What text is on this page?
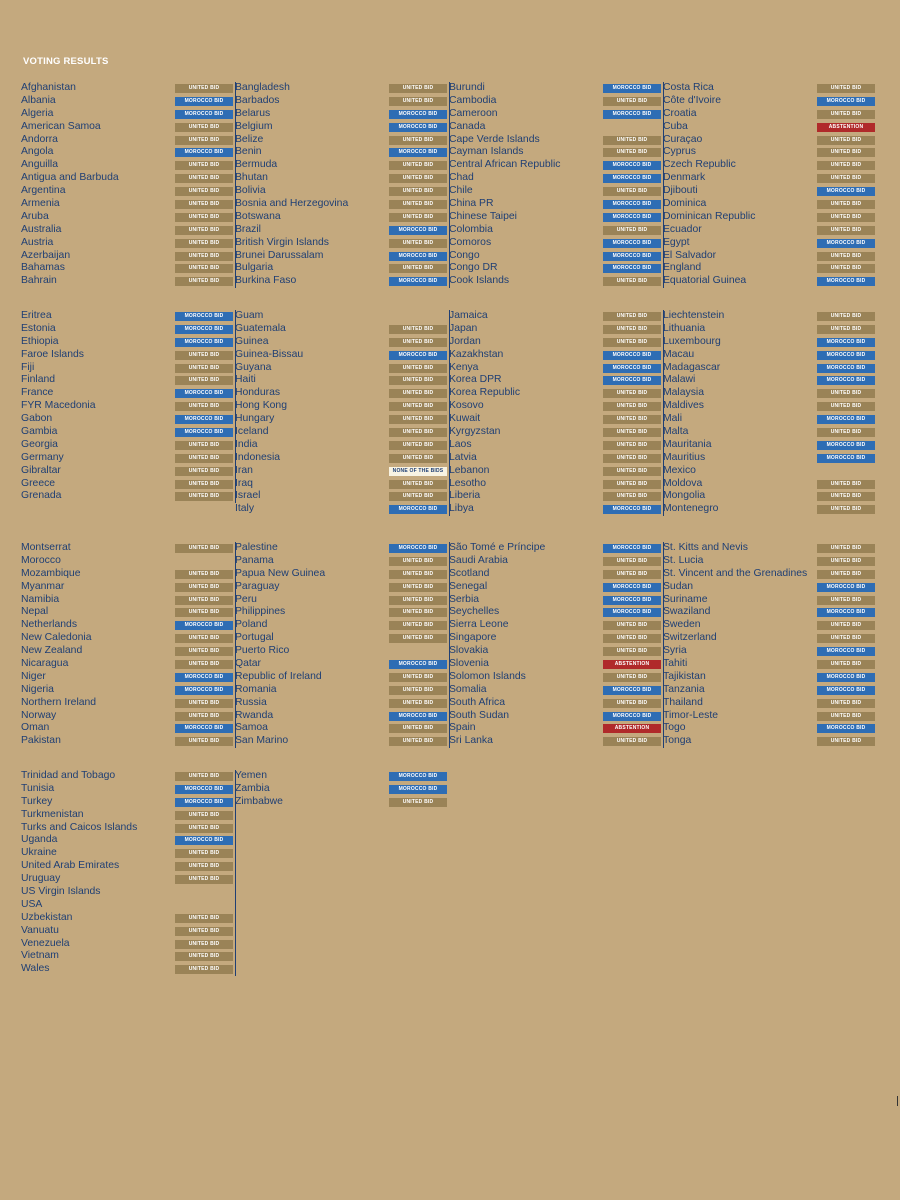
VOTING RESULTS
Afghanistan	UNITED BID
Albania	MOROCCO BID
Algeria	MOROCCO BID
American Samoa	UNITED BID
Andorra	UNITED BID
Angola	MOROCCO BID
Anguilla	UNITED BID
Antigua and Barbuda	UNITED BID
Argentina	UNITED BID
Armenia	UNITED BID
Aruba	UNITED BID
Australia	UNITED BID
Austria	UNITED BID
Azerbaijan	UNITED BID
Bahamas	UNITED BID
Bahrain	UNITED BID
Bangladesh	UNITED BID
Barbados	UNITED BID
Belarus	MOROCCO BID
Belgium	MOROCCO BID
Belize	UNITED BID
Benin	MOROCCO BID
Bermuda	UNITED BID
Bhutan	UNITED BID
Bolivia	UNITED BID
Bosnia and Herzegovina	UNITED BID
Botswana	UNITED BID
Brazil	MOROCCO BID
British Virgin Islands	UNITED BID
Brunei Darussalam	MOROCCO BID
Bulgaria	UNITED BID
Burkina Faso	MOROCCO BID
Burundi	MOROCCO BID
Cambodia	UNITED BID
Cameroon	MOROCCO BID
Canada
Cape Verde Islands	UNITED BID
Cayman Islands	UNITED BID
Central African Republic	MOROCCO BID
Chad	MOROCCO BID
Chile	UNITED BID
China PR	MOROCCO BID
Chinese Taipei	MOROCCO BID
Colombia	UNITED BID
Comoros	MOROCCO BID
Congo	MOROCCO BID
Congo DR	MOROCCO BID
Cook Islands	UNITED BID
Costa Rica	UNITED BID
Côte d'Ivoire	MOROCCO BID
Croatia	UNITED BID
Cuba	ABSTENTION
Curaçao	UNITED BID
Cyprus	UNITED BID
Czech Republic	UNITED BID
Denmark	UNITED BID
Djibouti	MOROCCO BID
Dominica	UNITED BID
Dominican Republic	UNITED BID
Ecuador	UNITED BID
Egypt	MOROCCO BID
El Salvador	UNITED BID
England	UNITED BID
Equatorial Guinea	MOROCCO BID
Eritrea	MOROCCO BID
Estonia	MOROCCO BID
Ethiopia	MOROCCO BID
Faroe Islands	UNITED BID
Fiji	UNITED BID
Finland	UNITED BID
France	MOROCCO BID
FYR Macedonia	UNITED BID
Gabon	MOROCCO BID
Gambia	MOROCCO BID
Georgia	UNITED BID
Germany	UNITED BID
Gibraltar	UNITED BID
Greece	UNITED BID
Grenada	UNITED BID
Guam
Guatemala	UNITED BID
Guinea	UNITED BID
Guinea-Bissau	MOROCCO BID
Guyana	UNITED BID
Haiti	UNITED BID
Honduras	UNITED BID
Hong Kong	UNITED BID
Hungary	UNITED BID
Iceland	UNITED BID
India	UNITED BID
Indonesia	UNITED BID
Iran	NONE OF THE BIDS
Iraq	UNITED BID
Israel	UNITED BID
Italy	MOROCCO BID
Jamaica	UNITED BID
Japan	UNITED BID
Jordan	UNITED BID
Kazakhstan	MOROCCO BID
Kenya	MOROCCO BID
Korea DPR	MOROCCO BID
Korea Republic	UNITED BID
Kosovo	UNITED BID
Kuwait	UNITED BID
Kyrgyzstan	UNITED BID
Laos	UNITED BID
Latvia	UNITED BID
Lebanon	UNITED BID
Lesotho	UNITED BID
Liberia	UNITED BID
Libya	MOROCCO BID
Liechtenstein	UNITED BID
Lithuania	UNITED BID
Luxembourg	MOROCCO BID
Macau	MOROCCO BID
Madagascar	MOROCCO BID
Malawi	MOROCCO BID
Malaysia	UNITED BID
Maldives	UNITED BID
Mali	MOROCCO BID
Malta	UNITED BID
Mauritania	MOROCCO BID
Mauritius	MOROCCO BID
Mexico
Moldova	UNITED BID
Mongolia	UNITED BID
Montenegro	UNITED BID
Montserrat	UNITED BID
Morocco
Mozambique	UNITED BID
Myanmar	UNITED BID
Namibia	UNITED BID
Nepal	UNITED BID
Netherlands	MOROCCO BID
New Caledonia	UNITED BID
New Zealand	UNITED BID
Nicaragua	UNITED BID
Niger	MOROCCO BID
Nigeria	MOROCCO BID
Northern Ireland	UNITED BID
Norway	UNITED BID
Oman	MOROCCO BID
Pakistan	UNITED BID
Palestine	MOROCCO BID
Panama	UNITED BID
Papua New Guinea	UNITED BID
Paraguay	UNITED BID
Peru	UNITED BID
Philippines	UNITED BID
Poland	UNITED BID
Portugal	UNITED BID
Puerto Rico
Qatar	MOROCCO BID
Republic of Ireland	UNITED BID
Romania	UNITED BID
Russia	UNITED BID
Rwanda	MOROCCO BID
Samoa	UNITED BID
San Marino	UNITED BID
São Tomé e Príncipe	MOROCCO BID
Saudi Arabia	UNITED BID
Scotland	UNITED BID
Senegal	MOROCCO BID
Serbia	MOROCCO BID
Seychelles	MOROCCO BID
Sierra Leone	UNITED BID
Singapore	UNITED BID
Slovakia	UNITED BID
Slovenia	ABSTENTION
Solomon Islands	UNITED BID
Somalia	MOROCCO BID
South Africa	UNITED BID
South Sudan	MOROCCO BID
Spain	ABSTENTION
Sri Lanka	UNITED BID
St. Kitts and Nevis	UNITED BID
St. Lucia	UNITED BID
St. Vincent and the Grenadines	UNITED BID
Sudan	MOROCCO BID
Suriname	UNITED BID
Swaziland	MOROCCO BID
Sweden	UNITED BID
Switzerland	UNITED BID
Syria	MOROCCO BID
Tahiti	UNITED BID
Tajikistan	MOROCCO BID
Tanzania	MOROCCO BID
Thailand	UNITED BID
Timor-Leste	UNITED BID
Togo	MOROCCO BID
Tonga	UNITED BID
Trinidad and Tobago	UNITED BID
Tunisia	MOROCCO BID
Turkey	MOROCCO BID
Turkmenistan	UNITED BID
Turks and Caicos Islands	UNITED BID
Uganda	MOROCCO BID
Ukraine	UNITED BID
United Arab Emirates	UNITED BID
Uruguay	UNITED BID
US Virgin Islands
USA
Uzbekistan	UNITED BID
Vanuatu	UNITED BID
Venezuela	UNITED BID
Vietnam	UNITED BID
Wales	UNITED BID
Yemen	MOROCCO BID
Zambia	MOROCCO BID
Zimbabwe	UNITED BID
